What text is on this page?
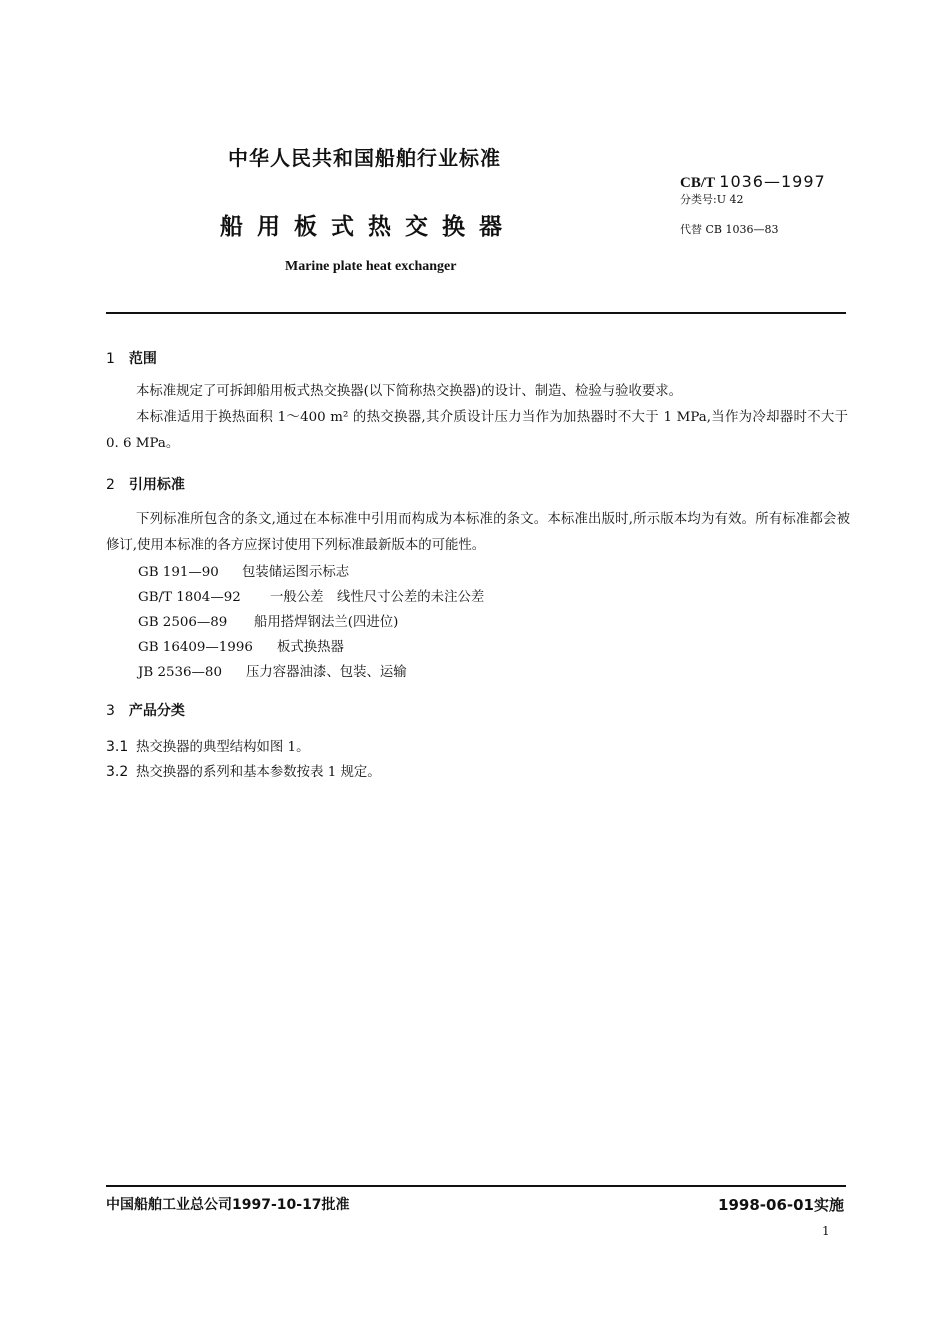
中华人民共和国船舶行业标准
船用板式热交换器
Marine plate heat exchanger
CB/T 1036—1997
分类号:U 42
代替 CB 1036—83
1 范围
本标准规定了可拆卸船用板式热交换器(以下简称热交换器)的设计、制造、检验与验收要求。
本标准适用于换热面积 1～400 m² 的热交换器,其介质设计压力当作为加热器时不大于 1 MPa,当作为冷却器时不大于 0. 6 MPa。
2 引用标准
下列标准所包含的条文,通过在本标准中引用而构成为本标准的条文。本标准出版时,所示版本均为有效。所有标准都会被修订,使用本标准的各方应探讨使用下列标准最新版本的可能性。
GB 191—90 包装储运图示标志
GB/T 1804—92 一般公差　线性尺寸公差的未注公差
GB 2506—89 船用搭焊钢法兰(四进位)
GB 16409—1996 板式换热器
JB 2536—80 压力容器油漆、包装、运输
3 产品分类
3.1 热交换器的典型结构如图 1。
3.2 热交换器的系列和基本参数按表 1 规定。
中国船舶工业总公司1997-10-17批准	1998-06-01实施
1
